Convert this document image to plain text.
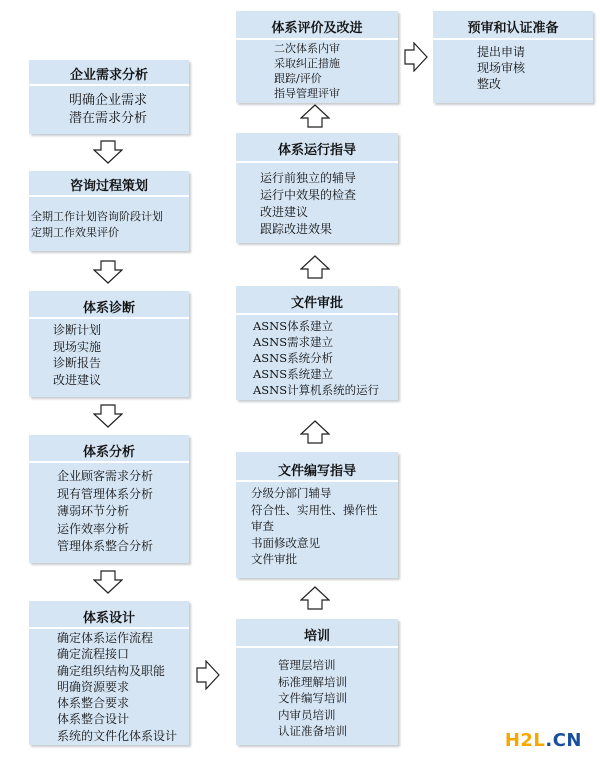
企业需求分析
明确企业需求
潜在需求分析
咨询过程策划
全期工作计划咨询阶段计划
定期工作效果评价
体系诊断
诊断计划
现场实施
诊断报告
改进建议
体系分析
企业顾客需求分析
现有管理体系分析
薄弱环节分析
运作效率分析
管理体系整合分析
体系设计
确定体系运作流程
确定流程接口
确定组织结构及职能
明确资源要求
体系整合要求
体系整合设计
系统的文件化体系设计
体系评价及改进
二次体系内审
采取纠正措施
跟踪/评价
指导管理评审
体系运行指导
运行前独立的辅导
运行中效果的检查
改进建议
跟踪改进效果
文件审批
ASNS体系建立
ASNS需求建立
ASNS系统分析
ASNS系统建立
ASNS计算机系统的运行
文件编写指导
分级分部门辅导
符合性、实用性、操作性
审查
书面修改意见
文件审批
培训
管理层培训
标准理解培训
文件编写培训
内审员培训
认证准备培训
预审和认证准备
提出申请
现场审核
整改
H2L.CN
